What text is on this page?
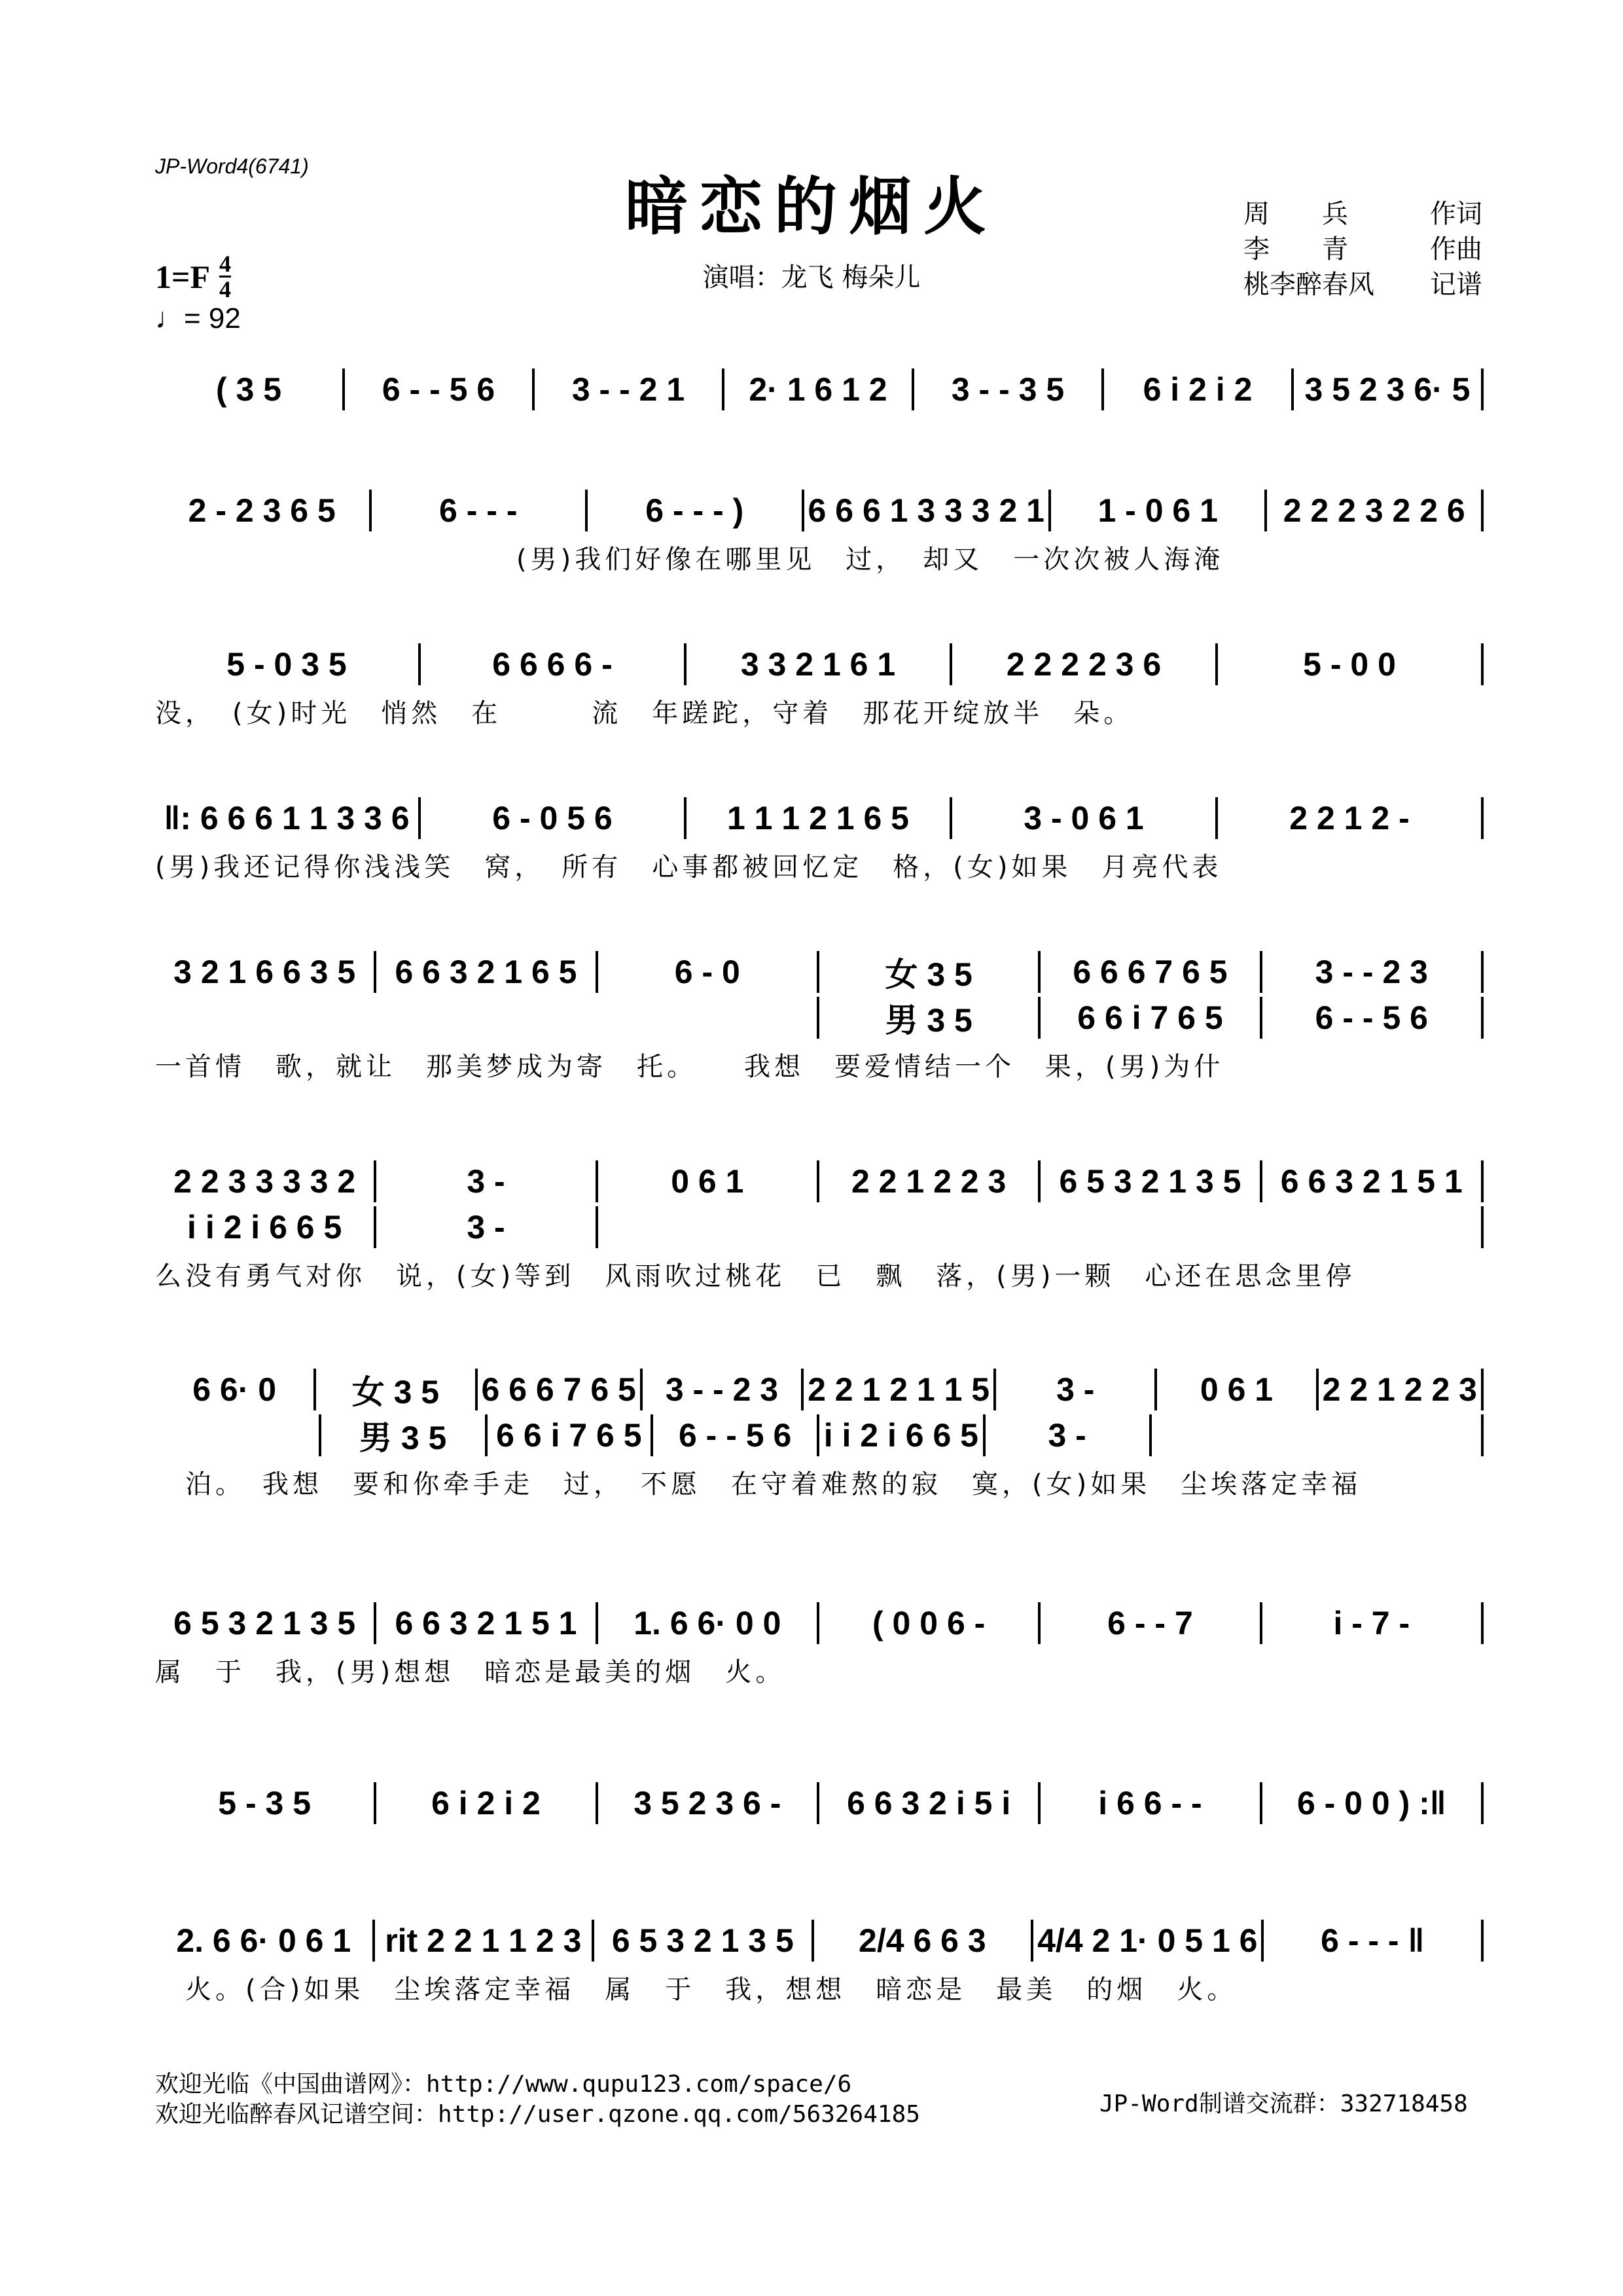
JP-Word4(6741)
暗恋的烟火
演唱：龙飞 梅朵儿
$1=F \frac{4}{4}$
♩= 92
周　　兵	作词
李　　青	作曲
桃李醉春风 记谱
( 3 5	6 - - 5 6	3 - - 2 1	2· 1 6 1 2	3 - - 3 5	6 i 2 i 2	3 5 2 3 6· 5
2 - 2 3 6 5	6 - - -	6 - - - )	6 6 6 1 3 3 3 2 1	1 - 0 6 1	2 2 2 3 2 2 6
　　　　　　　　　　　　(男)我们好像在哪里见　过，　却又　一次次被人海淹
5 - 0 3 5	6 6 6 6 -	3 3 2 1 6 1	2 2 2 2 3 6	5 - 0 0
没，　(女)时光　悄然　在　　　流　年蹉跎，守着　那花开绽放半　朵。
‖: 6 6 6 1 1 3 3 6	6 - 0 5 6	1 1 1 2 1 6 5	3 - 0 6 1	2 2 1 2 -
(男)我还记得你浅浅笑　窝，　所有　心事都被回忆定　格，(女)如果　月亮代表
3 2 1 6 6 3 5	6 6 3 2 1 6 5	6 - 0	女 3 5	6 6 6 7 6 5	3 - - 2 3
男 3 5	6 6 i 7 6 5	6 - - 5 6
一首情　歌，就让　那美梦成为寄　托。　　我想　要爱情结一个　果，(男)为什
2 2 3 3 3 3 2	3 -	0 6 1	2 2 1 2 2 3	6 5 3 2 1 3 5	6 6 3 2 1 5 1
i i 2 i 6 6 5	3 -
么没有勇气对你　说，(女)等到　风雨吹过桃花　已　飘　落，(男)一颗　心还在思念里停
6 6· 0	女 3 5	6 6 6 7 6 5 3 - - 2 3 2 2 1 2 1 1 5	3 -	0 6 1	2 2 1 2 2 3
男 3 5	6 6 i 7 6 5	6 - - 5 6 i i 2 i 6 6 5	3 -
　泊。　我想　要和你牵手走　过，　不愿　在守着难熬的寂　寞，(女)如果　尘埃落定幸福
6 5 3 2 1 3 5	6 6 3 2 1 5 1	1. 6 6· 0 0	( 0 0 6 -	6 - - 7	i - 7 -
属　于　我，(男)想想　暗恋是最美的烟　火。
5 - 3 5	6 i 2 i 2	3 5 2 3 6 -	6 6 3 2 i 5 i	i 6 6 - -	6 - 0 0 ) :‖
2. 6 6· 0 6 1	rit 2 2 1 1 2 3 6 5 3 2 1 3 5	2/4 6 6 3	4/4 2 1· 0 5 1 6	6 - - - ‖
　火。(合)如果　尘埃落定幸福　属　于　我，想想　暗恋是　最美　的烟　火。
欢迎光临《中国曲谱网》：http://www.qupu123.com/space/6
欢迎光临醉春风记谱空间：http://user.qzone.qq.com/563264185	JP-Word制谱交流群：332718458
